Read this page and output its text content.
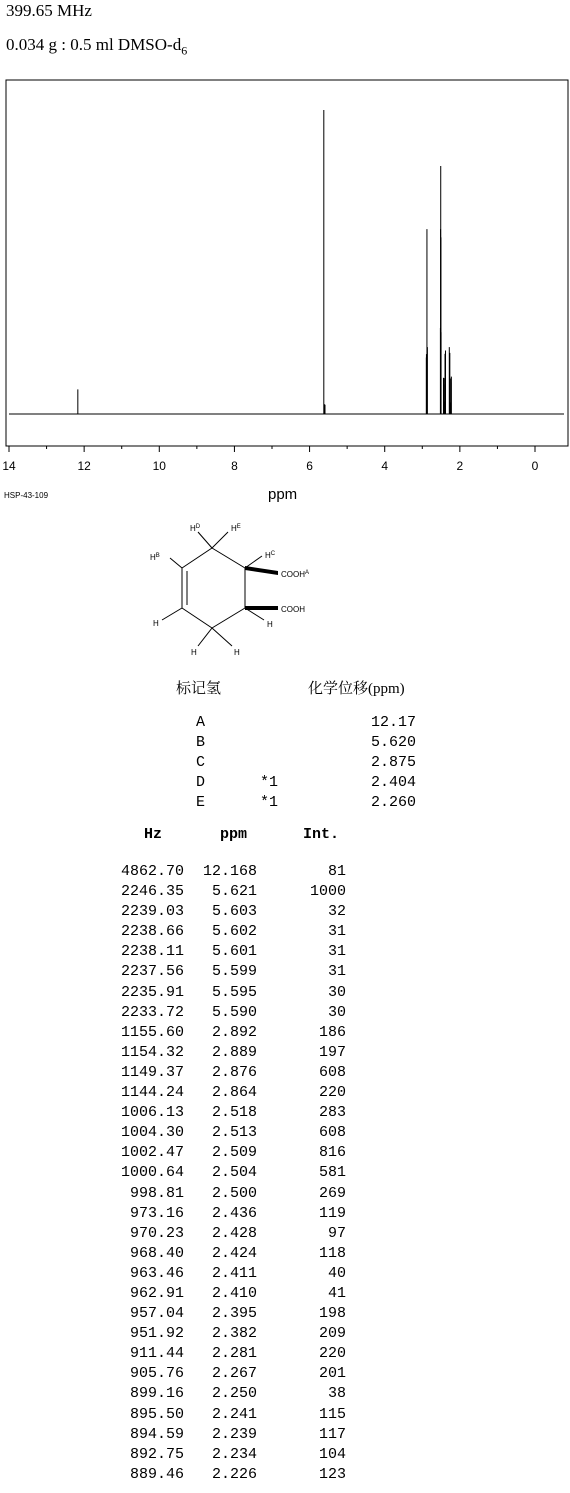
399.65 MHz
0.034 g : 0.5 ml DMSO-$d_6$
14	12	10	8	6	4	2	0
HSP-43-109	ppm
$H^D$	$H^E$
$H^B$	$H^C$
$COOH^A$
COOH
H	H
H	H
标记氢	化学位移(ppm)
A	12.17
B	5.620
C	2.875
D	*1	2.404
E	*1	2.260
Hz	ppm	Int.
4862.70 12.168	81
2246.35 5.621	1000
2239.03 5.603	32
2238.66 5.602	31
2238.11 5.601	31
2237.56 5.599	31
2235.91 5.595	30
2233.72 5.590	30
1155.60 2.892	186
1154.32 2.889	197
1149.37 2.876	608
1144.24 2.864	220
1006.13 2.518	283
1004.30 2.513	608
1002.47 2.509	816
1000.64 2.504	581
998.81 2.500	269
973.16 2.436	119
970.23 2.428	97
968.40 2.424	118
963.46 2.411	40
962.91 2.410	41
957.04 2.395	198
951.92 2.382	209
911.44 2.281	220
905.76 2.267	201
899.16 2.250	38
895.50 2.241	115
894.59 2.239	117
892.75 2.234	104
889.46 2.226	123
